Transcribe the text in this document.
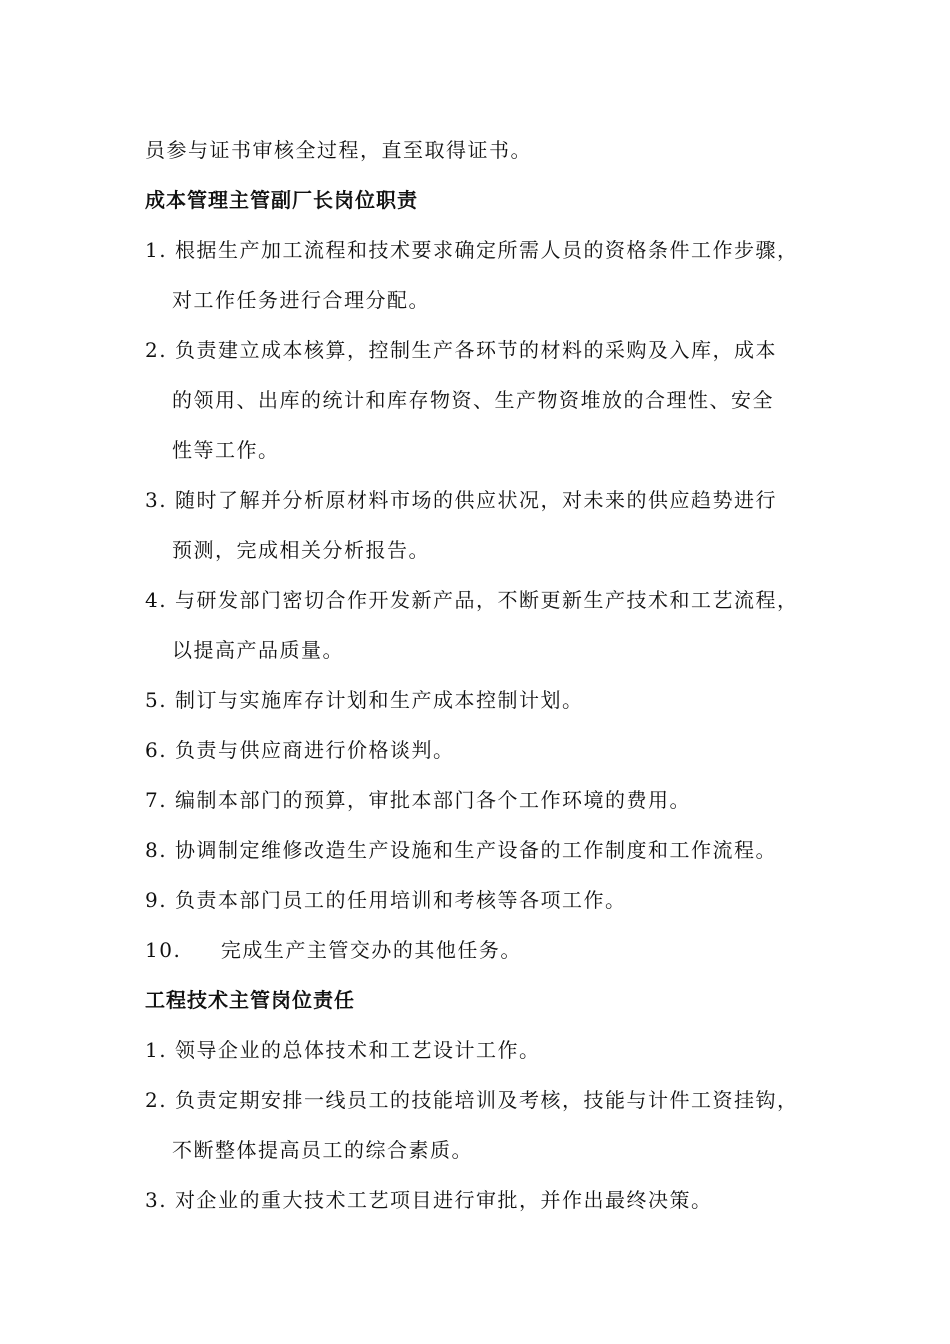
员参与证书审核全过程，直至取得证书。
成本管理主管副厂长岗位职责
1. 根据生产加工流程和技术要求确定所需人员的资格条件工作步骤，
对工作任务进行合理分配。
2. 负责建立成本核算，控制生产各环节的材料的采购及入库，成本
的领用、出库的统计和库存物资、生产物资堆放的合理性、安全
性等工作。
3. 随时了解并分析原材料市场的供应状况，对未来的供应趋势进行
预测，完成相关分析报告。
4. 与研发部门密切合作开发新产品，不断更新生产技术和工艺流程，
以提高产品质量。
5. 制订与实施库存计划和生产成本控制计划。
6. 负责与供应商进行价格谈判。
7. 编制本部门的预算，审批本部门各个工作环境的费用。
8. 协调制定维修改造生产设施和生产设备的工作制度和工作流程。
9. 负责本部门员工的任用培训和考核等各项工作。
10. 完成生产主管交办的其他任务。
工程技术主管岗位责任
1. 领导企业的总体技术和工艺设计工作。
2. 负责定期安排一线员工的技能培训及考核，技能与计件工资挂钩，
不断整体提高员工的综合素质。
3. 对企业的重大技术工艺项目进行审批，并作出最终决策。
